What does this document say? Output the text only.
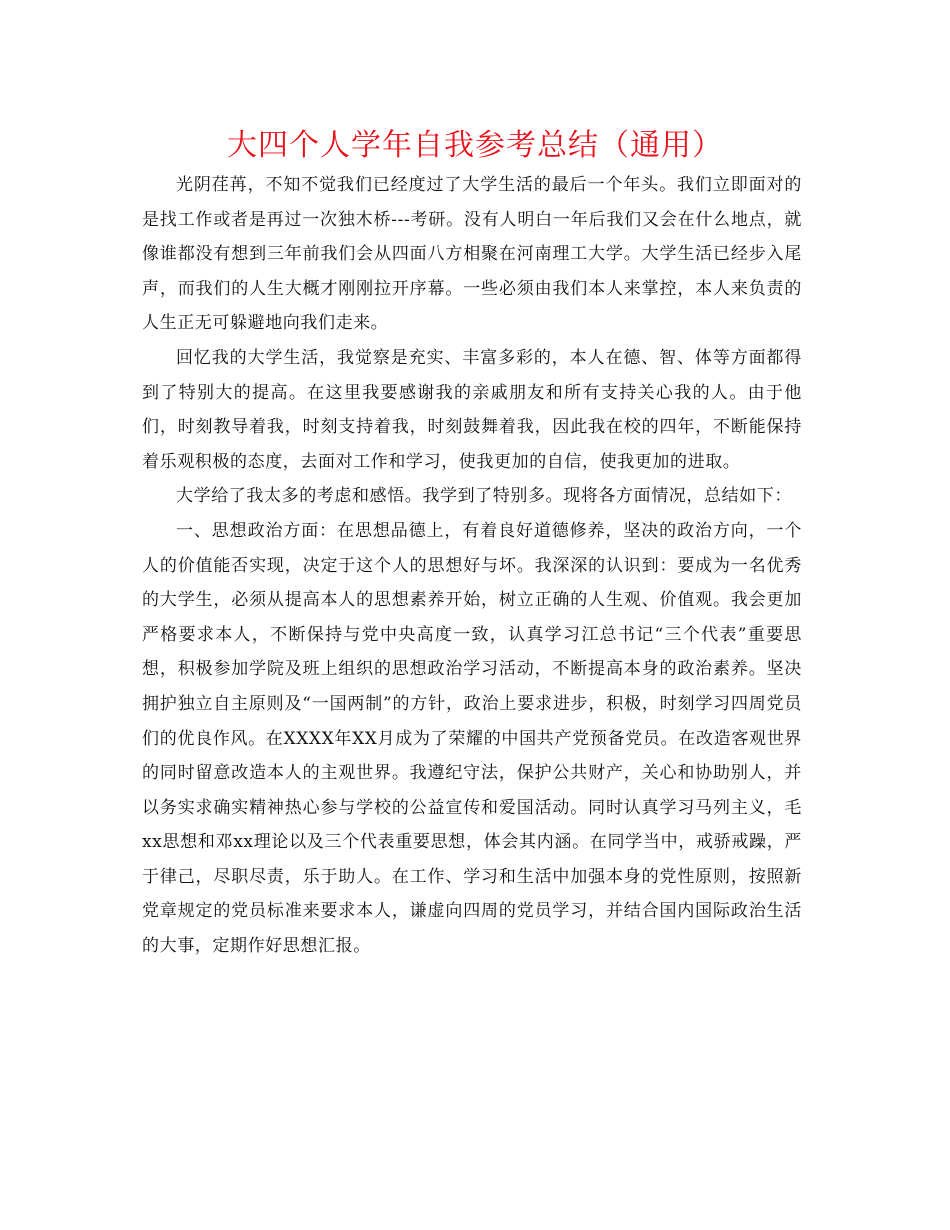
大四个人学年自我参考总结（通用）

光阴荏苒，不知不觉我们已经度过了大学生活的最后一个年头。我们立即面对的是找工作或者是再过一次独木桥---考研。没有人明白一年后我们又会在什么地点，就像谁都没有想到三年前我们会从四面八方相聚在河南理工大学。大学生活已经步入尾声，而我们的人生大概才刚刚拉开序幕。一些必须由我们本人来掌控，本人来负责的人生正无可躲避地向我们走来。

回忆我的大学生活，我觉察是充实、丰富多彩的，本人在德、智、体等方面都得到了特别大的提高。在这里我要感谢我的亲戚朋友和所有支持关心我的人。由于他们，时刻教导着我，时刻支持着我，时刻鼓舞着我，因此我在校的四年，不断能保持着乐观积极的态度，去面对工作和学习，使我更加的自信，使我更加的进取。

大学给了我太多的考虑和感悟。我学到了特别多。现将各方面情况，总结如下：

一、思想政治方面：在思想品德上，有着良好道德修养，坚决的政治方向，一个人的价值能否实现，决定于这个人的思想好与坏。我深深的认识到：要成为一名优秀的大学生，必须从提高本人的思想素养开始，树立正确的人生观、价值观。我会更加严格要求本人，不断保持与党中央高度一致，认真学习江总书记“三个代表”重要思想，积极参加学院及班上组织的思想政治学习活动，不断提高本身的政治素养。坚决拥护独立自主原则及“一国两制”的方针，政治上要求进步，积极，时刻学习四周党员们的优良作风。在XXXX年XX月成为了荣耀的中国共产党预备党员。在改造客观世界的同时留意改造本人的主观世界。我遵纪守法，保护公共财产，关心和协助别人，并以务实求确实精神热心参与学校的公益宣传和爱国活动。同时认真学习马列主义，毛xx思想和邓xx理论以及三个代表重要思想，体会其内涵。在同学当中，戒骄戒躁，严于律己，尽职尽责，乐于助人。在工作、学习和生活中加强本身的党性原则，按照新党章规定的党员标准来要求本人，谦虚向四周的党员学习，并结合国内国际政治生活的大事，定期作好思想汇报。
